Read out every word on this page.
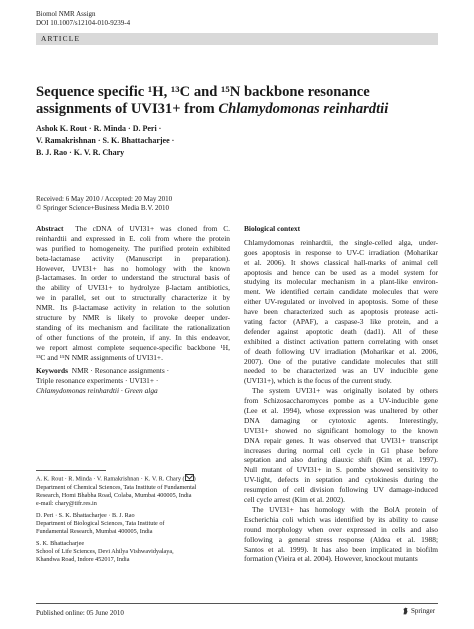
Biomol NMR Assign
DOI 10.1007/s12104-010-9239-4
ARTICLE
Sequence specific ¹H, ¹³C and ¹⁵N backbone resonance
assignments of UVI31+ from Chlamydomonas reinhardtii
Ashok K. Rout · R. Minda · D. Peri ·
V. Ramakrishnan · S. K. Bhattacharjee ·
B. J. Rao · K. V. R. Chary
Received: 6 May 2010 / Accepted: 20 May 2010
© Springer Science+Business Media B.V. 2010
Abstract The cDNA of UVI31+ was cloned from C.
reinhardtii and expressed in E. coli from where the protein
was purified to homogeneity. The purified protein exhibited
beta-lactamase activity (Manuscript in preparation).
However, UVI31+ has no homology with the known
β-lactamases. In order to understand the structural basis of
the ability of UVI31+ to hydrolyze β-lactam antibiotics,
we in parallel, set out to structurally characterize it by
NMR. Its β-lactamase activity in relation to the solution
structure by NMR is likely to provoke deeper under-
standing of its mechanism and facilitate the rationalization
of other functions of the protein, if any. In this endeavor,
we report almost complete sequence-specific backbone ¹H,
¹³C and ¹⁵N NMR assignments of UVI31+.
Keywords NMR · Resonance assignments ·
Triple resonance experiments · UVI31+ ·
Chlamydomonas reinhardtii · Green alga
A. K. Rout · R. Minda · V. Ramakrishnan · K. V. R. Chary ( )
Department of Chemical Sciences, Tata Institute of Fundamental
Research, Homi Bhabha Road, Colaba, Mumbai 400005, India
e-mail: chary@tifr.res.in
D. Peri · S. K. Bhattacharjee · B. J. Rao
Department of Biological Sciences, Tata Institute of
Fundamental Research, Mumbai 400005, India
S. K. Bhattacharjee
School of Life Sciences, Devi Ahilya Vishwavidyalaya,
Khandwa Road, Indore 452017, India
Biological context
Chlamydomonas reinhardtii, the single-celled alga, under-
goes apoptosis in response to UV-C irradiation (Moharikar
et al. 2006). It shows classical hall-marks of animal cell
apoptosis and hence can be used as a model system for
studying its molecular mechanism in a plant-like environ-
ment. We identified certain candidate molecules that were
either UV-regulated or involved in apoptosis. Some of these
have been characterized such as apoptosis protease acti-
vating factor (APAF), a caspase-3 like protein, and a
defender against apoptotic death (dad1). All of these
exhibited a distinct activation pattern correlating with onset
of death following UV irradiation (Moharikar et al. 2006,
2007). One of the putative candidate molecules that still
needed to be characterized was an UV inducible gene
(UVI31+), which is the focus of the current study.
The system UVI31+ was originally isolated by others
from Schizosaccharomyces pombe as a UV-inducible gene
(Lee et al. 1994), whose expression was unaltered by other
DNA damaging or cytotoxic agents. Interestingly,
UVI31+ showed no significant homology to the known
DNA repair genes. It was observed that UVI31+ transcript
increases during normal cell cycle in G1 phase before
septation and also during diauxic shift (Kim et al. 1997).
Null mutant of UVI31+ in S. pombe showed sensitivity to
UV-light, defects in septation and cytokinesis during the
resumption of cell division following UV damage-induced
cell cycle arrest (Kim et al. 2002).
The UVI31+ has homology with the BolA protein of
Escherichia coli which was identified by its ability to cause
round morphology when over expressed in cells and also
following a general stress response (Aldea et al. 1988;
Santos et al. 1999). It has also been implicated in biofilm
formation (Vieira et al. 2004). However, knockout mutants
Published online: 05 June 2010	Springer
